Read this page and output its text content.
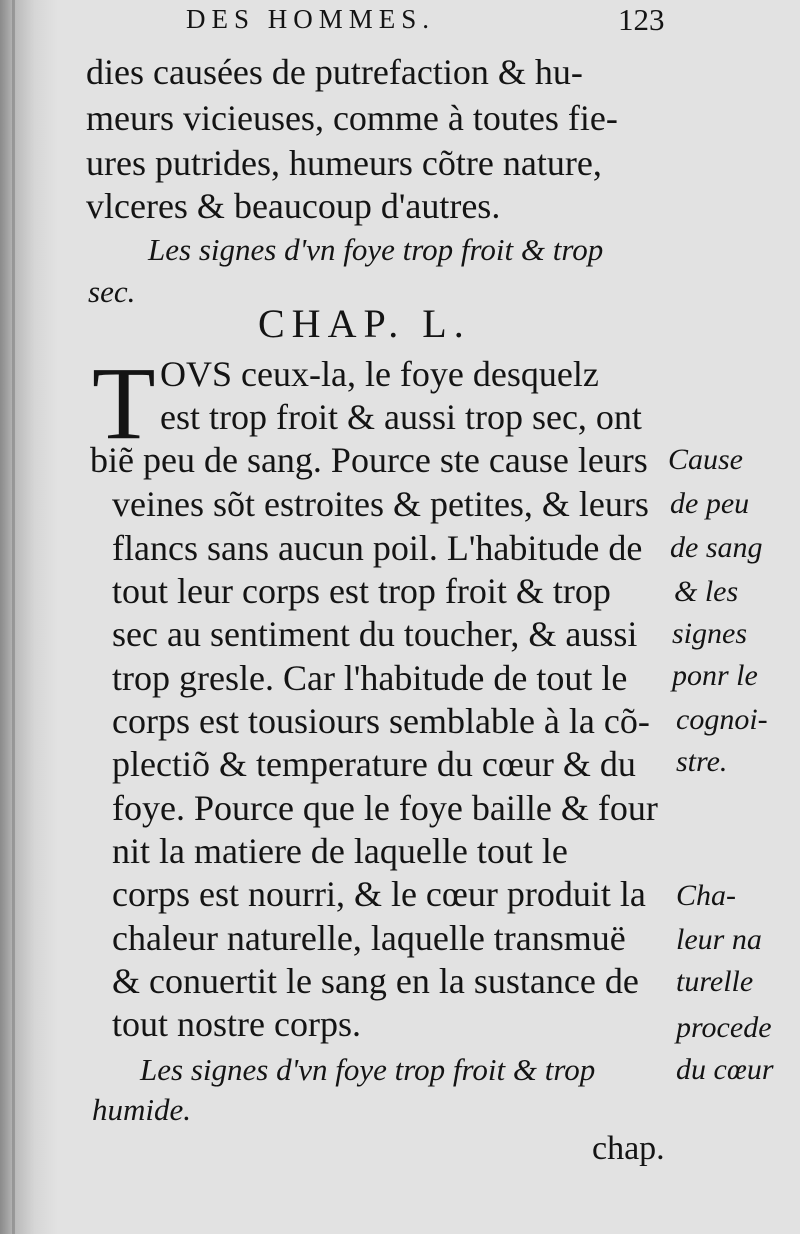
DES HOMMES.	123
dies causées de putrefaction & hu-
meurs vicieuses, comme à toutes fie-
ures putrides, humeurs cõtre nature,
vlceres & beaucoup d'autres.
Les signes d'vn foye trop froit & trop
sec.
CHAP. L.
T OVS ceux-la, le foye desquelz
est trop froit & aussi trop sec, ont
biẽ peu de sang. Pource ste cause leurs
veines sõt estroites & petites, & leurs
flancs sans aucun poil. L'habitude de
tout leur corps est trop froit & trop
sec au sentiment du toucher, & aussi
trop gresle. Car l'habitude de tout le
corps est tousiours semblable à la cõ-
plectiõ & temperature du cœur & du
foye. Pource que le foye baille & four
nit la matiere de laquelle tout le
corps est nourri, & le cœur produit la
chaleur naturelle, laquelle transmuë
& conuertit le sang en la sustance de
tout nostre corps.
Les signes d'vn foye trop froit & trop
humide.
Cause
de peu
de sang
& les
signes
ponr le
cognoi-
stre.
Cha-
leur na
turelle
procede
du cœur
chap.
